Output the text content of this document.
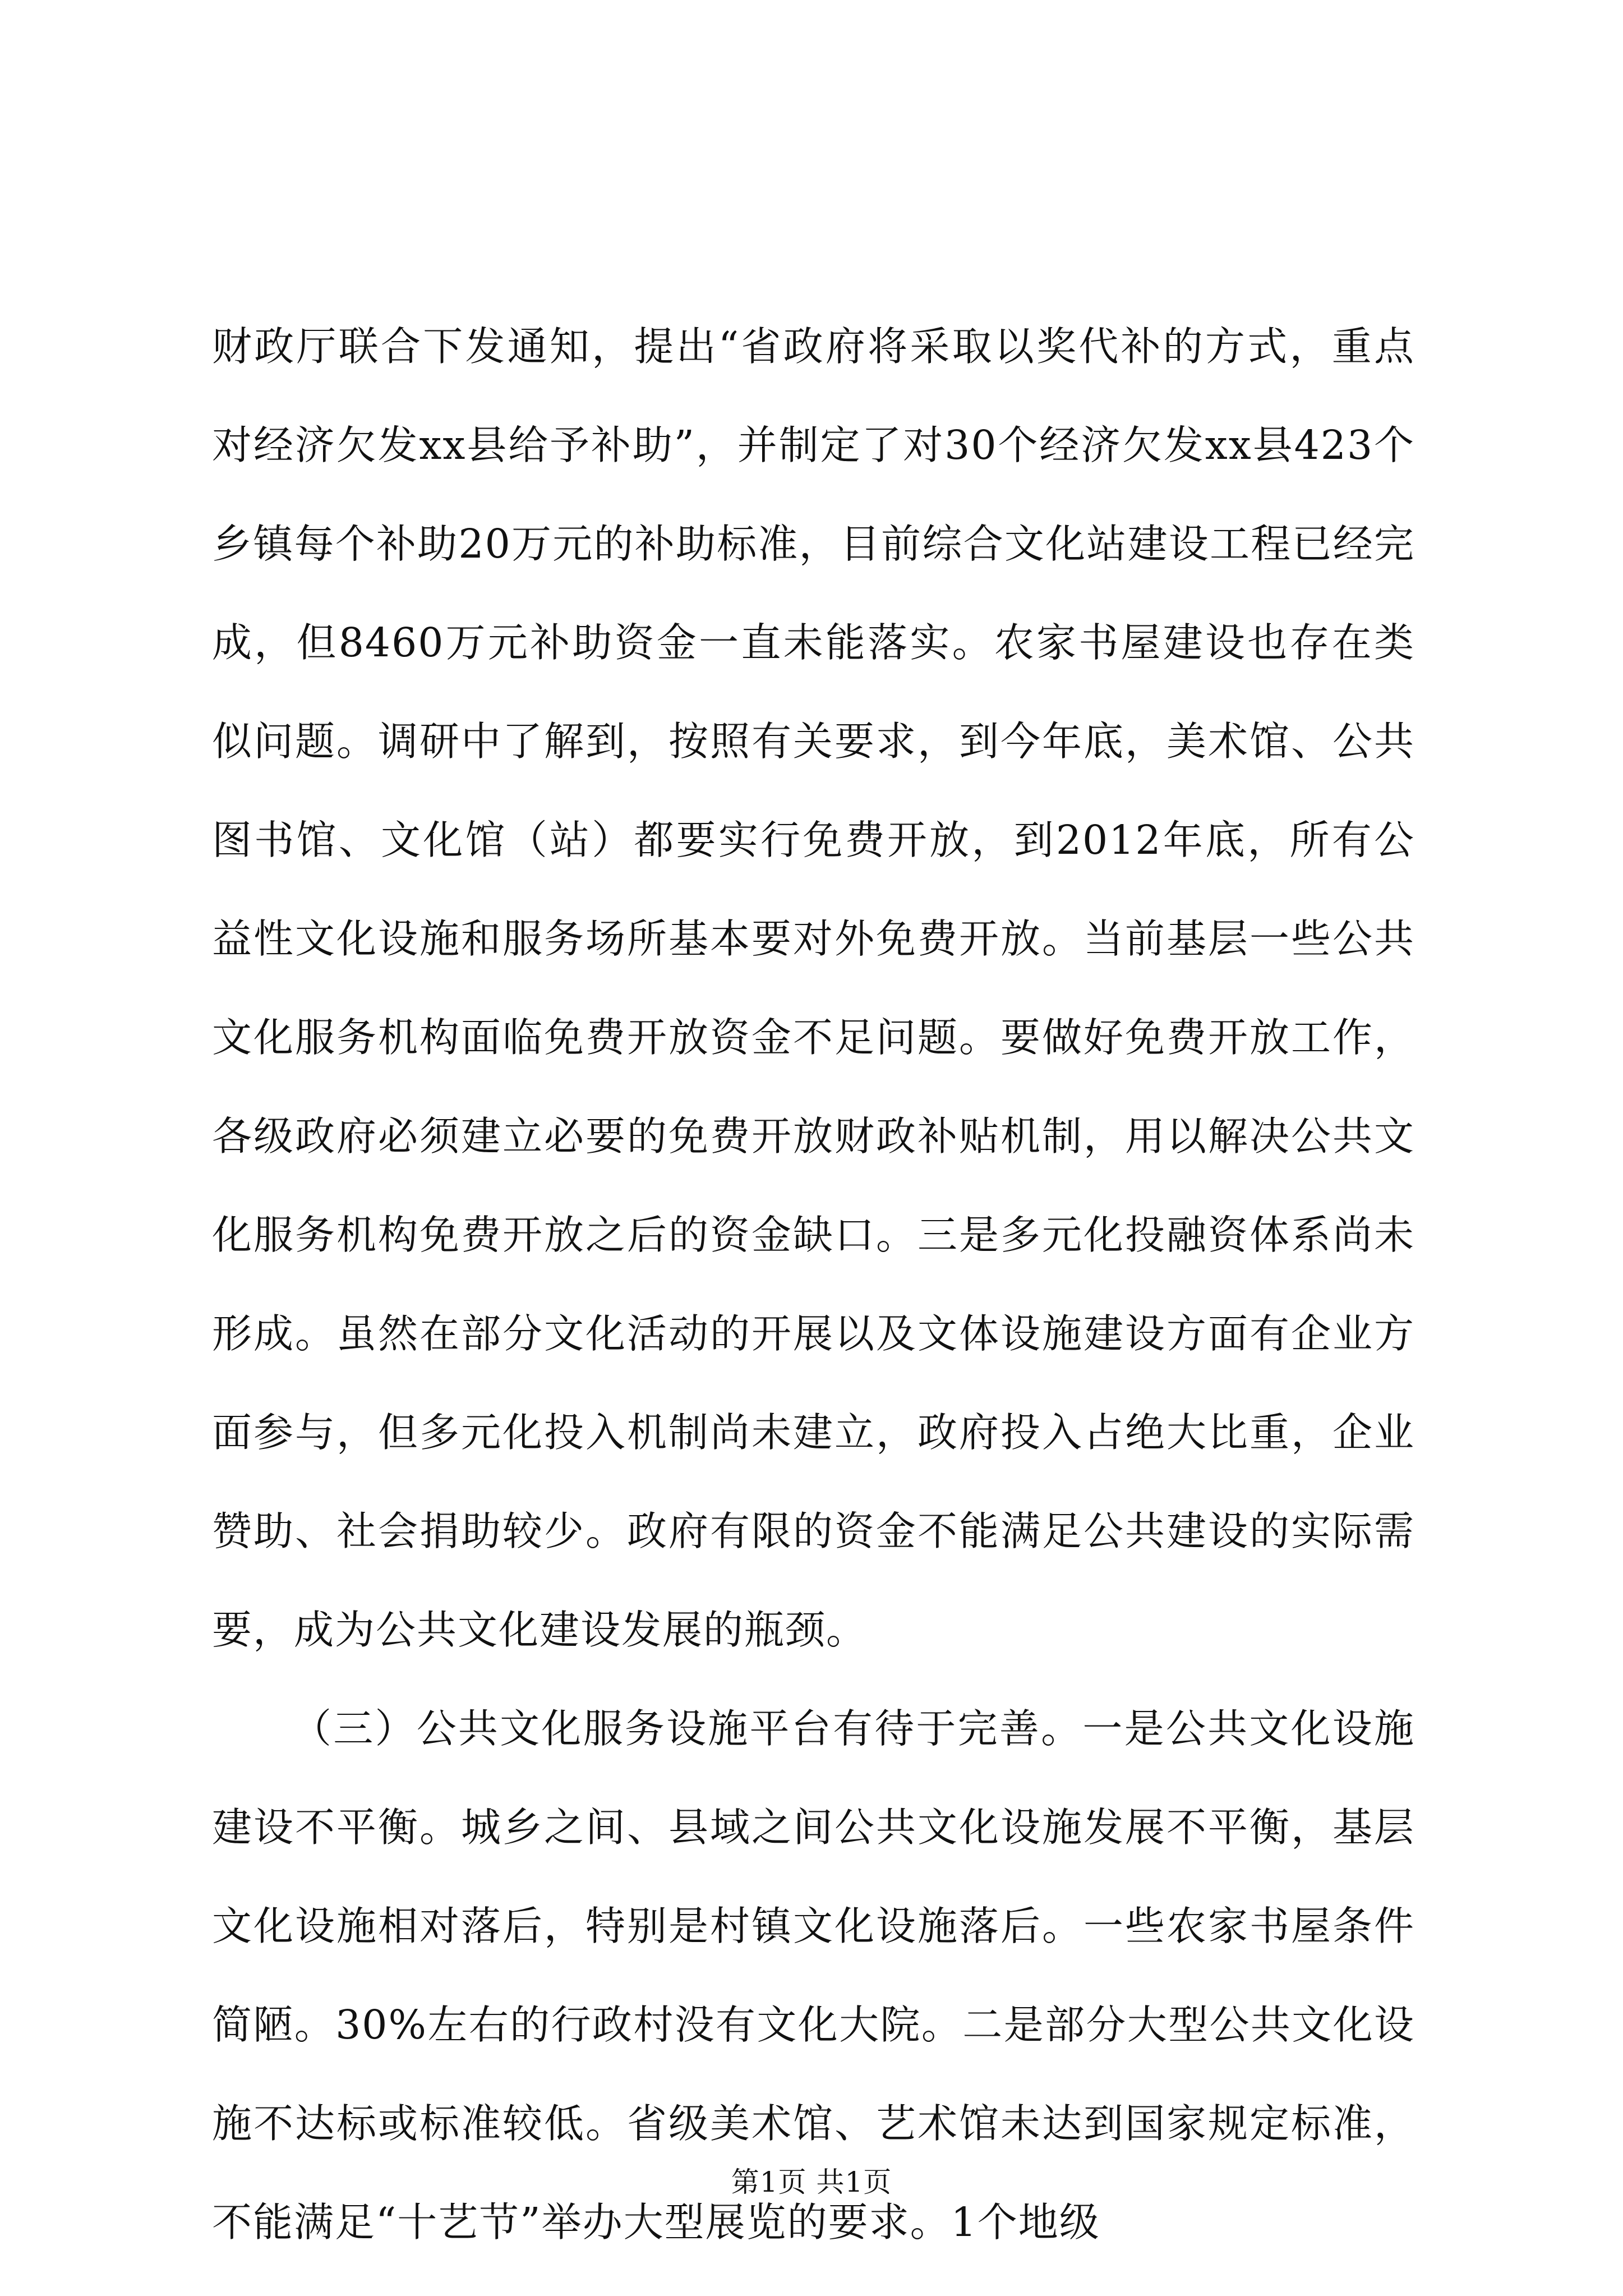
财政厅联合下发通知，提出“省政府将采取以奖代补的方式，重点对经济欠发xx县给予补助”，并制定了对30个经济欠发xx县423个乡镇每个补助20万元的补助标准，目前综合文化站建设工程已经完成，但8460万元补助资金一直未能落实。农家书屋建设也存在类似问题。调研中了解到，按照有关要求，到今年底，美术馆、公共图书馆、文化馆（站）都要实行免费开放，到2012年底，所有公益性文化设施和服务场所基本要对外免费开放。当前基层一些公共文化服务机构面临免费开放资金不足问题。要做好免费开放工作，各级政府必须建立必要的免费开放财政补贴机制，用以解决公共文化服务机构免费开放之后的资金缺口。三是多元化投融资体系尚未形成。虽然在部分文化活动的开展以及文体设施建设方面有企业方面参与，但多元化投入机制尚未建立，政府投入占绝大比重，企业赞助、社会捐助较少。政府有限的资金不能满足公共建设的实际需要，成为公共文化建设发展的瓶颈。

（三）公共文化服务设施平台有待于完善。一是公共文化设施建设不平衡。城乡之间、县域之间公共文化设施发展不平衡，基层文化设施相对落后，特别是村镇文化设施落后。一些农家书屋条件简陋。30%左右的行政村没有文化大院。二是部分大型公共文化设施不达标或标准较低。省级美术馆、艺术馆未达到国家规定标准，不能满足“十艺节”举办大型展览的要求。1个地级

第1页 共1页
